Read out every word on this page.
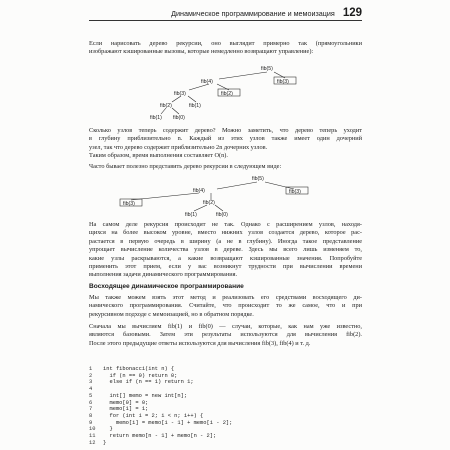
Динамическое программирование и мемоизация 129
Если нарисовать дерево рекурсии, оно выглядит примерно так (прямоугольники
изображают кэшированные вызовы, которые немедленно возвращают управление):
fib(5)
fib(4)	fib(3)
fib(3)	fib(2)
fib(2)	fib(1)
fib(1) fib(0)
Сколько узлов теперь содержит дерево? Можно заметить, что дерево теперь уходит
в глубину приблизительно n. Каждый из этих узлов также имеет один дочерний
узел, так что дерево содержит приблизительно 2n дочерних узлов.
Таким образом, время выполнения составляет O(n).
Часто бывает полезно представить дерево рекурсии в следующем виде:
fib(5)
fib(4)	fib(3)
fib(3)	fib(2)
fib(1)	fib(0)
На самом деле рекурсия происходит не так. Однако с расширением узлов, находя-
щихся на более высоком уровне, вместо нижних узлов создается дерево, которое рас-
растается в первую очередь в ширину (а не в глубину). Иногда такое представление
упрощает вычисление количества узлов в дереве. Здесь мы всего лишь изменяем то,
какие узлы раскрываются, а какие возвращают кэшированные значения. Попробуйте
применить этот прием, если у вас возникнут трудности при вычислении времени
выполнения задачи динамического программирования.
Восходящее динамическое программирование
Мы также можем взять этот метод и реализовать его средствами восходящего ди-
намического программирования. Считайте, что происходит то же самое, что и при
рекурсивном подходе с мемоизацией, но в обратном порядке.
Сначала мы вычисляем fib(1) и fib(0) — случаи, которые, как нам уже известно,
являются базовыми. Затем эти результаты используются для вычисления fib(2).
После этого предыдущие ответы используются для вычисления fib(3), fib(4) и т. д.
1 int fibonacci(int n) {
2  if (n == 0) return 0;
3  else if (n == 1) return 1;
4
5  int[] memo = new int[n];
6  memo[0] = 0;
7  memo[1] = 1;
8  for (int i = 2; i < n; i++) {
9    memo[i] = memo[i - 1] + memo[i - 2];
10  }
11  return memo[n - 1] + memo[n - 2];
12 }
